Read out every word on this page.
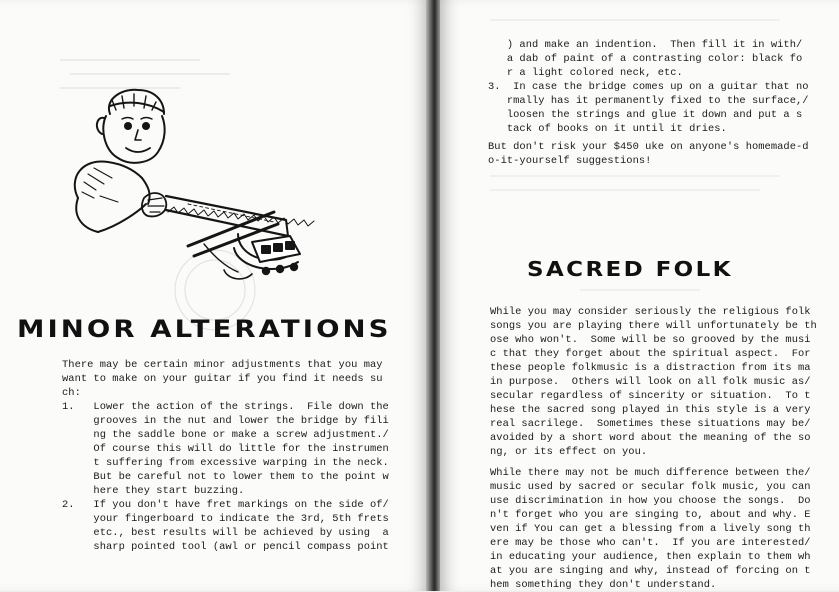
MINOR ALTERATIONS
There may be certain minor adjustments that you may
want to make on your guitar if you find it needs su
ch:
1.   Lower the action of the strings.  File down the
grooves in the nut and lower the bridge by fili
ng the saddle bone or make a screw adjustment./
Of course this will do little for the instrumen
t suffering from excessive warping in the neck.
But be careful not to lower them to the point w
here they start buzzing.
2.   If you don't have fret markings on the side of/
your fingerboard to indicate the 3rd, 5th frets
etc., best results will be achieved by using  a
sharp pointed tool (awl or pencil compass point
) and make an indention.  Then fill it in with/
a dab of paint of a contrasting color: black fo
r a light colored neck, etc.
3.  In case the bridge comes up on a guitar that no
rmally has it permanently fixed to the surface,/
loosen the strings and glue it down and put a s
tack of books on it until it dries.
But don't risk your $450 uke on anyone's homemade-d
o-it-yourself suggestions!
SACRED FOLK
While you may consider seriously the religious folk
songs you are playing there will unfortunately be th
ose who won't.  Some will be so grooved by the musi
c that they forget about the spiritual aspect.  For
these people folkmusic is a distraction from its ma
in purpose.  Others will look on all folk music as/
secular regardless of sincerity or situation.  To t
hese the sacred song played in this style is a very
real sacrilege.  Sometimes these situations may be/
avoided by a short word about the meaning of the so
ng, or its effect on you.
While there may not be much difference between the/
music used by sacred or secular folk music, you can
use discrimination in how you choose the songs.  Do
n't forget who you are singing to, about and why. E
ven if You can get a blessing from a lively song th
ere may be those who can't.  If you are interested/
in educating your audience, then explain to them wh
at you are singing and why, instead of forcing on t
hem something they don't understand.
